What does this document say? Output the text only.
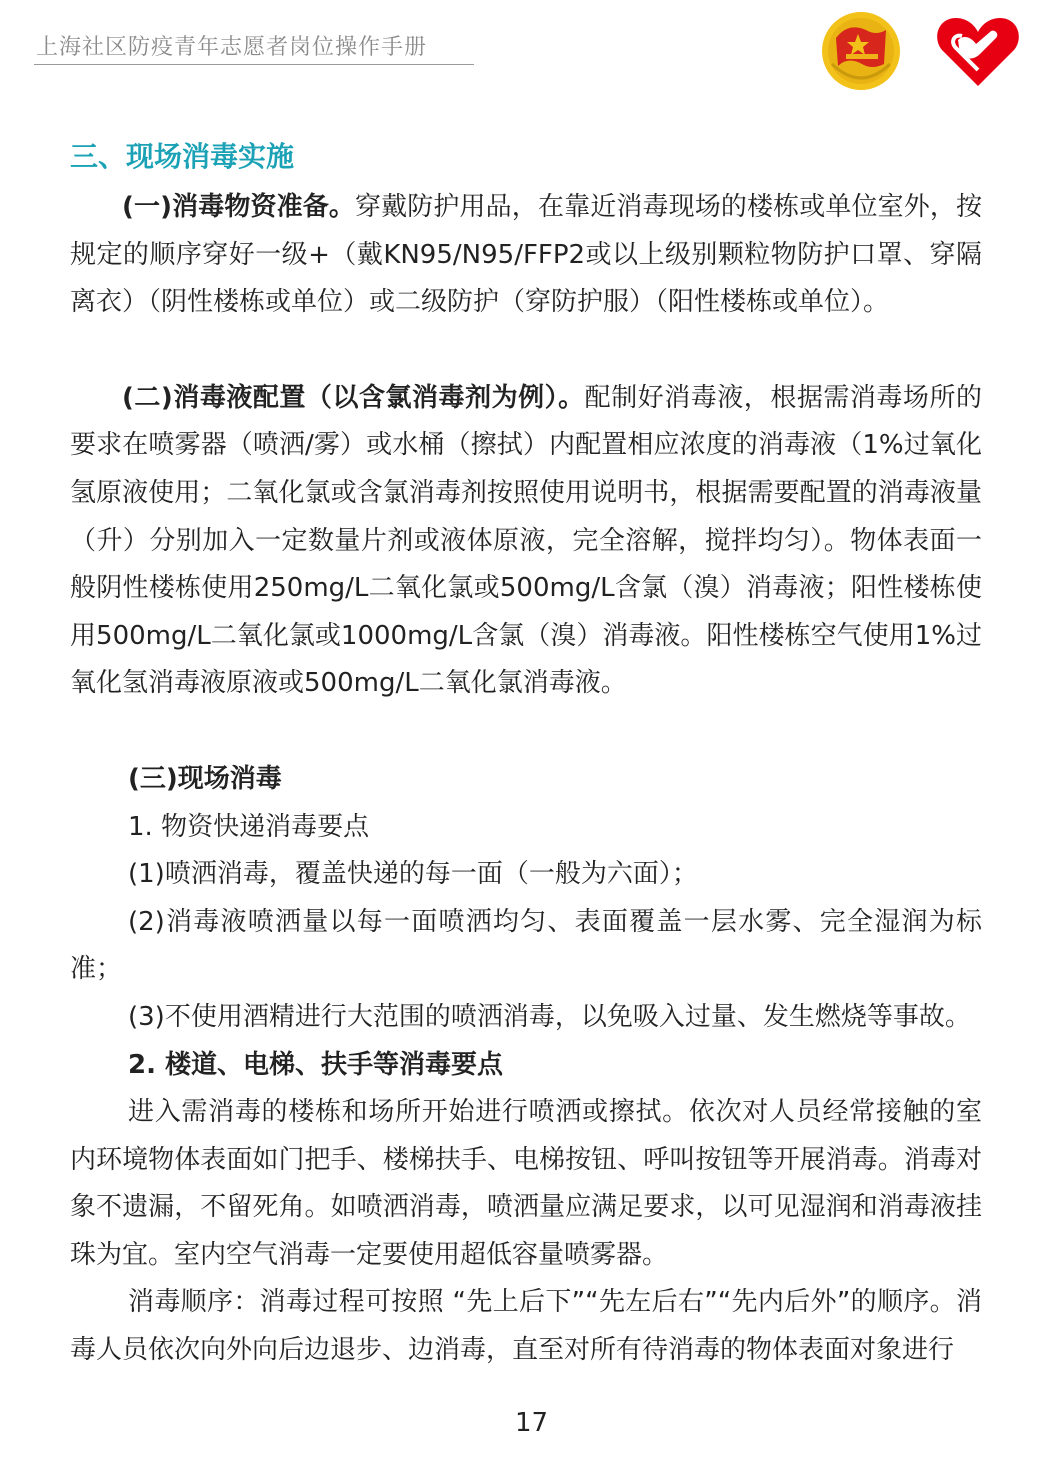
上海社区防疫青年志愿者岗位操作手册
三、现场消毒实施

(一)消毒物资准备。穿戴防护用品，在靠近消毒现场的楼栋或单位室外，按规定的顺序穿好一级+（戴KN95/N95/FFP2或以上级别颗粒物防护口罩、穿隔离衣）（阴性楼栋或单位）或二级防护（穿防护服）（阳性楼栋或单位）。

(二)消毒液配置（以含氯消毒剂为例）。配制好消毒液，根据需消毒场所的要求在喷雾器（喷洒/雾）或水桶（擦拭）内配置相应浓度的消毒液（1%过氧化氢原液使用；二氧化氯或含氯消毒剂按照使用说明书，根据需要配置的消毒液量（升）分别加入一定数量片剂或液体原液，完全溶解，搅拌均匀）。物体表面一般阴性楼栋使用250mg/L二氧化氯或500mg/L含氯（溴）消毒液；阳性楼栋使用500mg/L二氧化氯或1000mg/L含氯（溴）消毒液。阳性楼栋空气使用1%过氧化氢消毒液原液或500mg/L二氧化氯消毒液。

(三)现场消毒

1. 物资快递消毒要点

(1)喷洒消毒，覆盖快递的每一面（一般为六面）；

(2)消毒液喷洒量以每一面喷洒均匀、表面覆盖一层水雾、完全湿润为标准；

(3)不使用酒精进行大范围的喷洒消毒，以免吸入过量、发生燃烧等事故。

2. 楼道、电梯、扶手等消毒要点

进入需消毒的楼栋和场所开始进行喷洒或擦拭。依次对人员经常接触的室内环境物体表面如门把手、楼梯扶手、电梯按钮、呼叫按钮等开展消毒。消毒对象不遗漏，不留死角。如喷洒消毒，喷洒量应满足要求，以可见湿润和消毒液挂珠为宜。室内空气消毒一定要使用超低容量喷雾器。

消毒顺序：消毒过程可按照 “先上后下”“先左后右”“先内后外”的顺序。消毒人员依次向外向后边退步、边消毒，直至对所有待消毒的物体表面对象进行

17
